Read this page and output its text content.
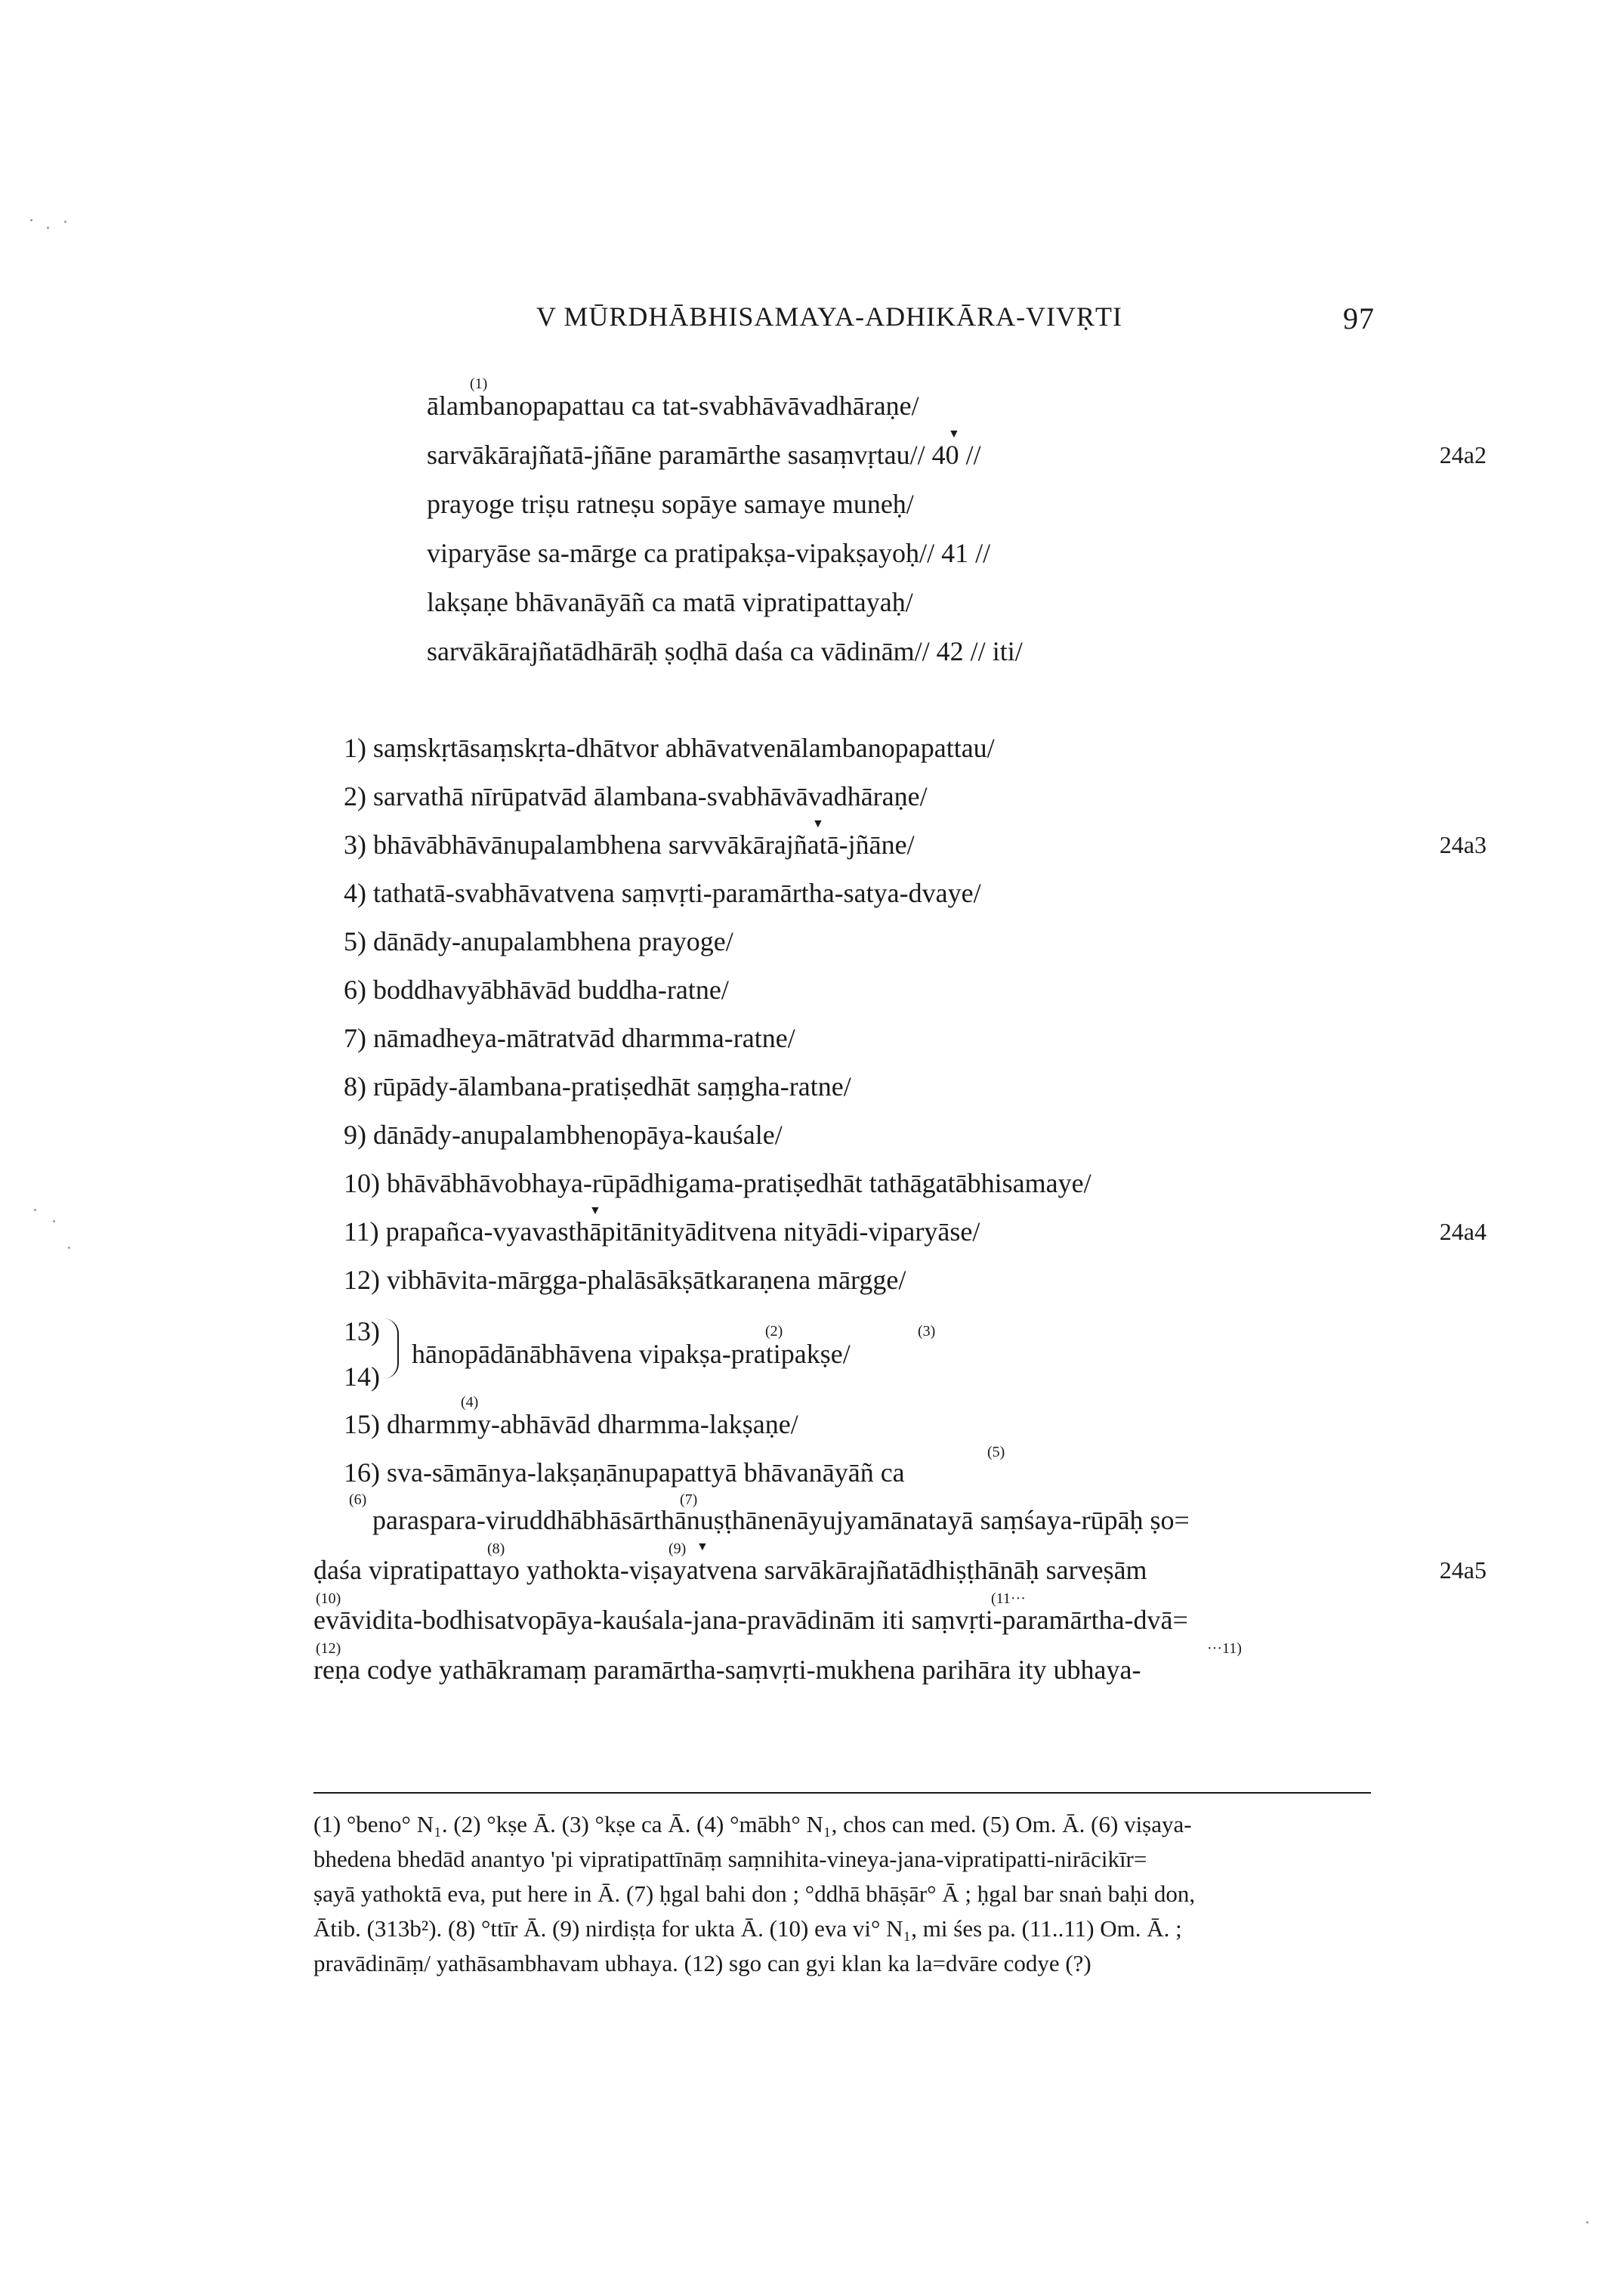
V MŪRDHĀBHISAMAYA-ADHIKĀRA-VIVṚTI	97
(1)
ālambanopapattau ca tat-svabhāvāvadhāraṇe/
▼
sarvākārajñatā-jñāne paramārthe sasaṃvṛtau// 40 //	24a2
prayoge triṣu ratneṣu sopāye samaye muneḥ/
viparyāse sa-mārge ca pratipakṣa-vipakṣayoḥ// 41 //
lakṣaṇe bhāvanāyāñ ca matā vipratipattayaḥ/
sarvākārajñatādhārāḥ ṣoḍhā daśa ca vādinām// 42 // iti/
1) saṃskṛtāsaṃskṛta-dhātvor abhāvatvenālambanopapattau/
2) sarvathā nīrūpatvād ālambana-svabhāvāvadhāraṇe/
▼
3) bhāvābhāvānupalambhena sarvvākārajñatā-jñāne/	24a3
4) tathatā-svabhāvatvena saṃvṛti-paramārtha-satya-dvaye/
5) dānādy-anupalambhena prayoge/
6) boddhavyābhāvād buddha-ratne/
7) nāmadheya-mātratvād dharmma-ratne/
8) rūpādy-ālambana-pratiṣedhāt saṃgha-ratne/
9) dānādy-anupalambhenopāya-kauśale/
10) bhāvābhāvobhaya-rūpādhigama-pratiṣedhāt tathāgatābhisamaye/
▼
11) prapañca-vyavasthāpitānityāditvena nityādi-viparyāse/	24a4
12) vibhāvita-mārgga-phalāsākṣātkaraṇena mārgge/
13)
14)
(2)	(3)
hānopādānābhāvena vipakṣa-pratipakṣe/
(4)
15) dharmmy-abhāvād dharmma-lakṣaṇe/
(5)
16) sva-sāmānya-lakṣaṇānupapattyā bhāvanāyāñ ca
(6)	(7)
paraspara-viruddhābhāsārthānuṣṭhānenāyujyamānatayā saṃśaya-rūpāḥ ṣo=
(8)	(9) ▼
ḍaśa vipratipattayo yathokta-viṣayatvena sarvākārajñatādhiṣṭhānāḥ sarveṣām	24a5
(10)	(11···
evāvidita-bodhisatvopāya-kauśala-jana-pravādinām iti saṃvṛti-paramārtha-dvā=
(12)	···11)
reṇa codye yathākramaṃ paramārtha-saṃvṛti-mukhena parihāra ity ubhaya-
(1) °beno° N₁. (2) °kṣe Ā. (3) °kṣe ca Ā. (4) °mābh° N₁, chos can med. (5) Om. Ā. (6) viṣaya-
bhedena bhedād anantyo 'pi vipratipattīnāṃ saṃnihita-vineya-jana-vipratipatti-nirācikīr=
ṣayā yathoktā eva, put here in Ā. (7) ḥgal bahi don ; °ddhā bhāṣār° Ā ; ḥgal bar snaṅ baḥi don,
Ātib. (313b²). (8) °ttīr Ā. (9) nirdiṣṭa for ukta Ā. (10) eva vi° N₁, mi śes pa. (11..11) Om. Ā. ;
pravādināṃ/ yathāsambhavam ubhaya. (12) sgo can gyi klan ka la=dvāre codye (?)
